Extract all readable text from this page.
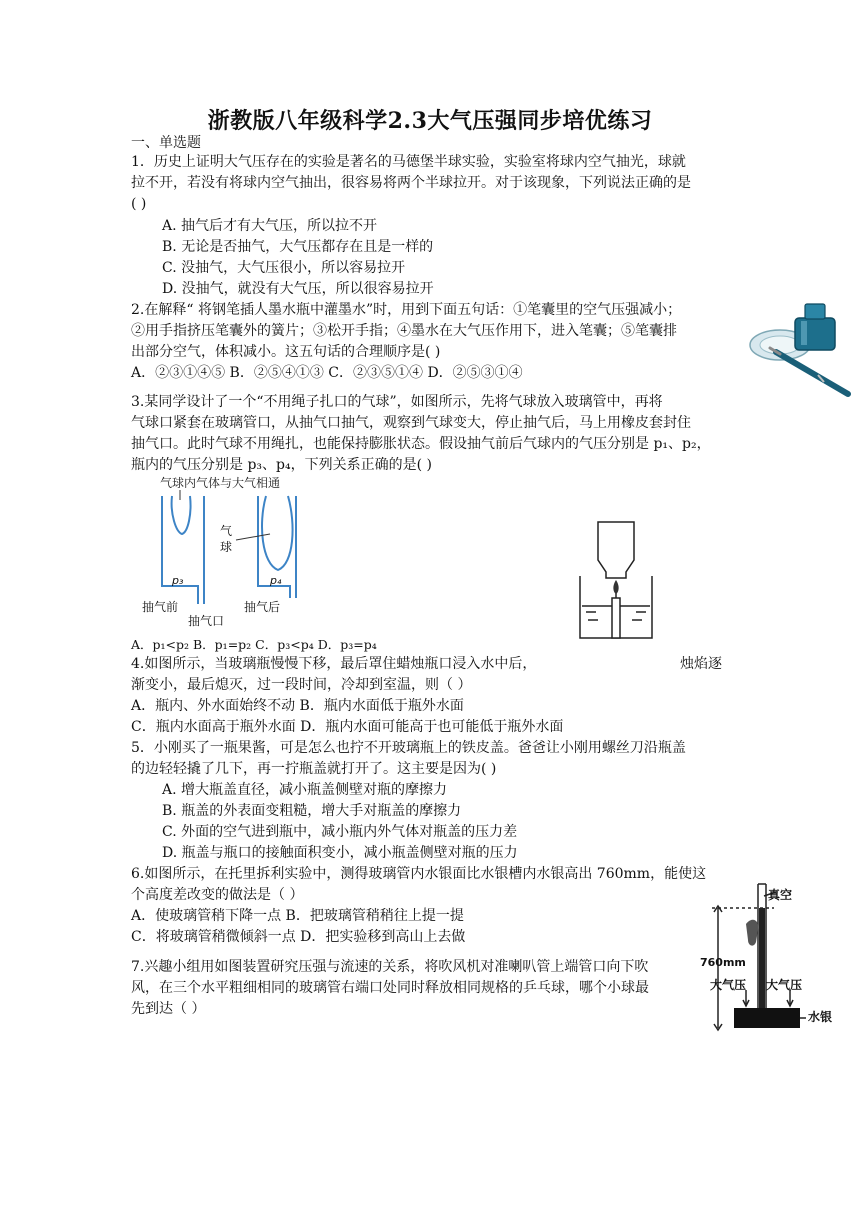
浙教版八年级科学2.3大气压强同步培优练习
一、单选题
1．历史上证明大气压存在的实验是著名的马德堡半球实验，实验室将球内空气抽光，球就
拉不开，若没有将球内空气抽出，很容易将两个半球拉开。对于该现象，下列说法正确的是
( )
A. 抽气后才有大气压，所以拉不开
B. 无论是否抽气，大气压都存在且是一样的
C. 没抽气，大气压很小，所以容易拉开
D. 没抽气，就没有大气压，所以很容易拉开
2.在解释“ 将钢笔插人墨水瓶中灌墨水”时，用到下面五句话：①笔囊里的空气压强减小；
②用手指挤压笔囊外的簧片；③松开手指；④墨水在大气压作用下，进入笔囊；⑤笔囊排
出部分空气，体积减小。这五句话的合理顺序是( )
A．②③①④⑤ B．②⑤④①③ C．②③⑤①④ D．②⑤③①④
3.某同学设计了一个“不用绳子扎口的气球”，如图所示，先将气球放入玻璃管中，再将
气球口紧套在玻璃管口，从抽气口抽气，观察到气球变大，停止抽气后，马上用橡皮套封住
抽气口。此时气球不用绳扎，也能保持膨胀状态。假设抽气前后气球内的气压分别是 p₁、p₂，
瓶内的气压分别是 p₃、p₄，下列关系正确的是( )
气球内气体与大气相通
气
球
p₃	p₄
抽气前	抽气后
抽气口
A．p₁<p₂ B．p₁=p₂ C．p₃<p₄ D．p₃=p₄
4.如图所示，当玻璃瓶慢慢下移，最后罩住蜡烛瓶口浸入水中后，	烛焰逐
渐变小，最后熄灭，过一段时间，冷却到室温，则（ ）
A．瓶内、外水面始终不动 B．瓶内水面低于瓶外水面
C．瓶内水面高于瓶外水面 D．瓶内水面可能高于也可能低于瓶外水面
5．小刚买了一瓶果酱，可是怎么也拧不开玻璃瓶上的铁皮盖。爸爸让小刚用螺丝刀沿瓶盖
的边轻轻撬了几下，再一拧瓶盖就打开了。这主要是因为( )
A. 增大瓶盖直径，减小瓶盖侧壁对瓶的摩擦力
B. 瓶盖的外表面变粗糙，增大手对瓶盖的摩擦力
C. 外面的空气进到瓶中，减小瓶内外气体对瓶盖的压力差
D. 瓶盖与瓶口的接触面积变小，减小瓶盖侧壁对瓶的压力
6.如图所示，在托里拆利实验中，测得玻璃管内水银面比水银槽内水银高出 760mm，能使这
个高度差改变的做法是（ ）
A．使玻璃管稍下降一点 B．把玻璃管稍稍往上提一提
C．将玻璃管稍微倾斜一点 D．把实验移到高山上去做
真空
760mm
大气压 大气压
水银
7.兴趣小组用如图装置研究压强与流速的关系，将吹风机对准喇叭管上端管口向下吹
风，在三个水平粗细相同的玻璃管右端口处同时释放相同规格的乒乓球，哪个小球最
先到达（ ）
